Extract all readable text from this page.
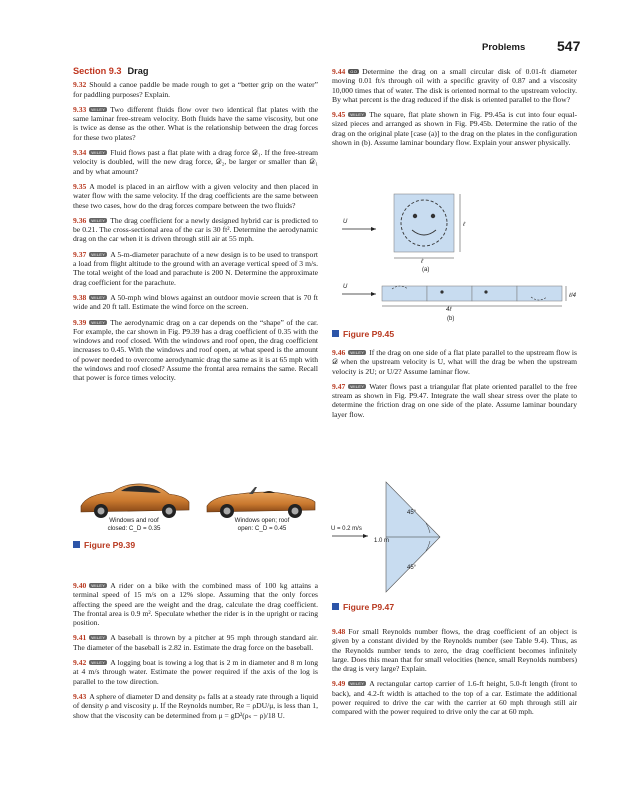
Problems 547
Section 9.3 Drag
9.32 Should a canoe paddle be made rough to get a “better grip on the water” for paddling purposes? Explain.
9.33 WILEY Two different fluids flow over two identical flat plates with the same laminar free-stream velocity. Both fluids have the same viscosity, but one is twice as dense as the other. What is the relationship between the drag forces for these two plates?
9.34 WILEY Fluid flows past a flat plate with a drag force 𝒟₁. If the free-stream velocity is doubled, will the new drag force, 𝒟₂, be larger or smaller than 𝒟₁ and by what amount?
9.35 A model is placed in an airflow with a given velocity and then placed in water flow with the same velocity. If the drag coefficients are the same between these two cases, how do the drag forces compare between the two fluids?
9.36 WILEY The drag coefficient for a newly designed hybrid car is predicted to be 0.21. The cross-sectional area of the car is 30 ft². Determine the aerodynamic drag on the car when it is driven through still air at 55 mph.
9.37 WILEY A 5-m-diameter parachute of a new design is to be used to transport a load from flight altitude to the ground with an average vertical speed of 3 m/s. The total weight of the load and parachute is 200 N. Determine the approximate drag coefficient for the parachute.
9.38 WILEY A 50-mph wind blows against an outdoor movie screen that is 70 ft wide and 20 ft tall. Estimate the wind force on the screen.
9.39 WILEY The aerodynamic drag on a car depends on the “shape” of the car. For example, the car shown in Fig. P9.39 has a drag coefficient of 0.35 with the windows and roof closed. With the windows and roof open, the drag coefficient increases to 0.45. With the windows and roof open, at what speed is the amount of power needed to overcome aerodynamic drag the same as it is at 65 mph with the windows and roof closed? Assume the frontal area remains the same. Recall that power is force times velocity.
Windows and roof
closed: C_D = 0.35
Windows open; roof
open: C_D = 0.45
Figure P9.39
9.40 WILEY A rider on a bike with the combined mass of 100 kg attains a terminal speed of 15 m/s on a 12% slope. Assuming that the only forces affecting the speed are the weight and the drag, calculate the drag coefficient. The frontal area is 0.9 m². Speculate whether the rider is in the upright or racing position.
9.41 WILEY A baseball is thrown by a pitcher at 95 mph through standard air. The diameter of the baseball is 2.82 in. Estimate the drag force on the baseball.
9.42 WILEY A logging boat is towing a log that is 2 m in diameter and 8 m long at 4 m/s through water. Estimate the power required if the axis of the log is parallel to the tow direction.
9.43 A sphere of diameter D and density ρₛ falls at a steady rate through a liquid of density ρ and viscosity μ. If the Reynolds number, Re = ρDU/μ, is less than 1, show that the viscosity can be determined from μ = gD²(ρₛ − ρ)/18 U.
9.44 GO Determine the drag on a small circular disk of 0.01-ft diameter moving 0.01 ft/s through oil with a specific gravity of 0.87 and a viscosity 10,000 times that of water. The disk is oriented normal to the upstream velocity. By what percent is the drag reduced if the disk is oriented parallel to the flow?
9.45 WILEY The square, flat plate shown in Fig. P9.45a is cut into four equal-sized pieces and arranged as shown in Fig. P9.45b. Determine the ratio of the drag on the original plate [case (a)] to the drag on the plates in the configuration shown in (b). Assume laminar boundary flow. Explain your answer physically.
U	ℓ
ℓ
(a)
U
ℓ/4
4ℓ
(b)
Figure P9.45
9.46 WILEY If the drag on one side of a flat plate parallel to the upstream flow is 𝒟 when the upstream velocity is U, what will the drag be when the upstream velocity is 2U; or U/2? Assume laminar flow.
9.47 WILEY Water flows past a triangular flat plate oriented parallel to the free stream as shown in Fig. P9.47. Integrate the wall shear stress over the plate to determine the friction drag on one side of the plate. Assume laminar boundary layer flow.
U = 0.2 m/s
1.0 m
45°
45°
Figure P9.47
9.48 For small Reynolds number flows, the drag coefficient of an object is given by a constant divided by the Reynolds number (see Table 9.4). Thus, as the Reynolds number tends to zero, the drag coefficient becomes infinitely large. Does this mean that for small velocities (hence, small Reynolds numbers) the drag is very large? Explain.
9.49 WILEY A rectangular cartop carrier of 1.6-ft height, 5.0-ft length (front to back), and 4.2-ft width is attached to the top of a car. Estimate the additional power required to drive the car with the carrier at 60 mph through still air compared with the power required to drive only the car at 60 mph.
